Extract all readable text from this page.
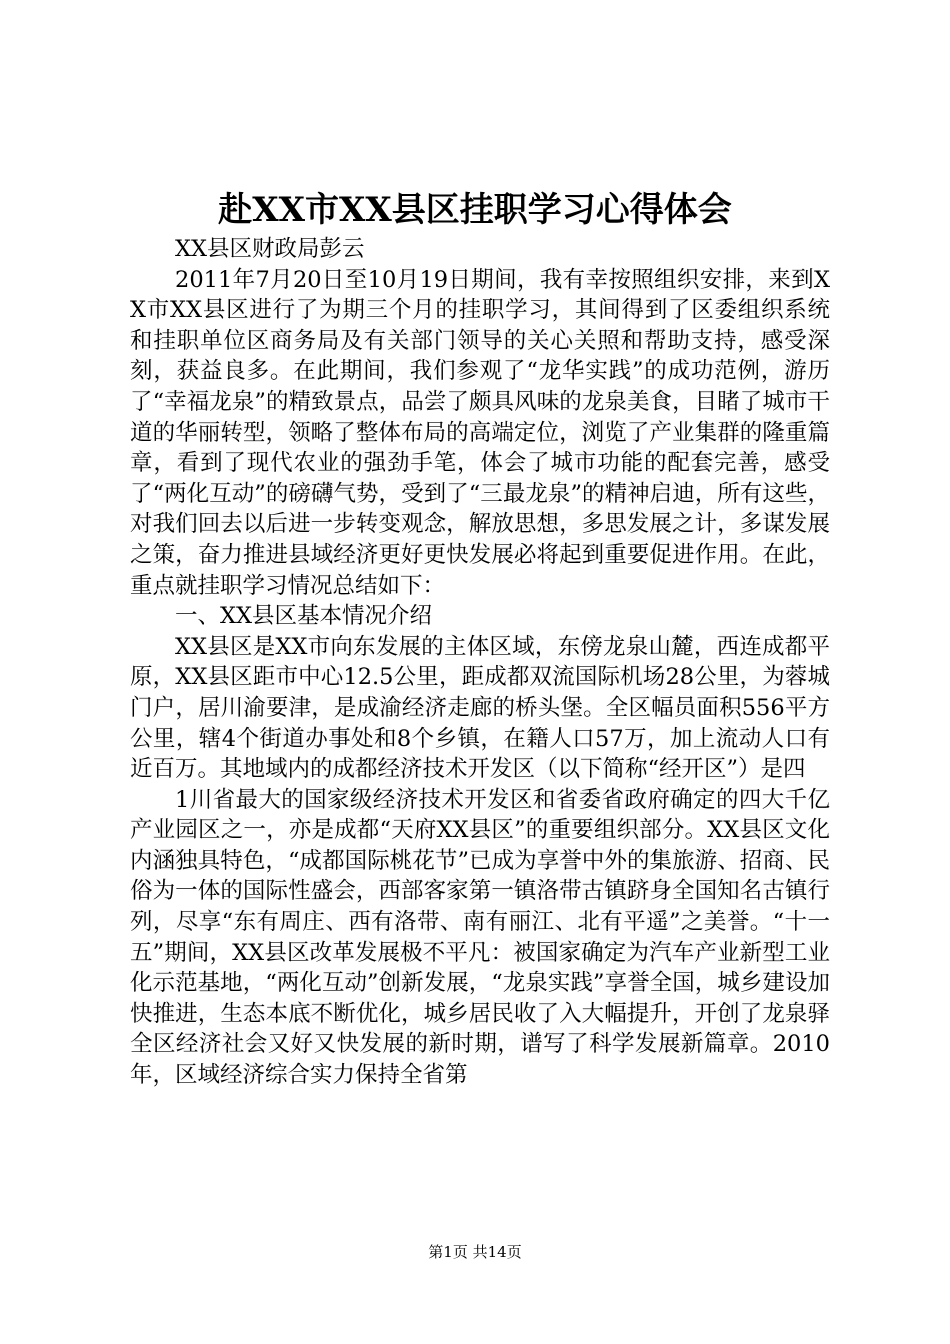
赴XX市XX县区挂职学习心得体会

XX县区财政局彭云

2011年7月20日至10月19日期间，我有幸按照组织安排，来到XX市XX县区进行了为期三个月的挂职学习，其间得到了区委组织系统和挂职单位区商务局及有关部门领导的关心关照和帮助支持，感受深刻，获益良多。在此期间，我们参观了“龙华实践”的成功范例，游历了“幸福龙泉”的精致景点，品尝了颇具风味的龙泉美食，目睹了城市干道的华丽转型，领略了整体布局的高端定位，浏览了产业集群的隆重篇章，看到了现代农业的强劲手笔，体会了城市功能的配套完善，感受了“两化互动”的磅礴气势，受到了“三最龙泉”的精神启迪，所有这些，对我们回去以后进一步转变观念，解放思想，多思发展之计，多谋发展之策，奋力推进县域经济更好更快发展必将起到重要促进作用。在此，重点就挂职学习情况总结如下：

一、XX县区基本情况介绍

XX县区是XX市向东发展的主体区域，东傍龙泉山麓，西连成都平原，XX县区距市中心12.5公里，距成都双流国际机场28公里，为蓉城门户，居川渝要津，是成渝经济走廊的桥头堡。全区幅员面积556平方公里，辖4个街道办事处和8个乡镇，在籍人口57万，加上流动人口有近百万。其地域内的成都经济技术开发区（以下简称“经开区”）是四

1川省最大的国家级经济技术开发区和省委省政府确定的四大千亿产业园区之一，亦是成都“天府XX县区”的重要组织部分。XX县区文化内涵独具特色，“成都国际桃花节”已成为享誉中外的集旅游、招商、民俗为一体的国际性盛会，西部客家第一镇洛带古镇跻身全国知名古镇行列，尽享“东有周庄、西有洛带、南有丽江、北有平遥”之美誉。“十一五”期间，XX县区改革发展极不平凡：被国家确定为汽车产业新型工业化示范基地，“两化互动”创新发展，“龙泉实践”享誉全国，城乡建设加快推进，生态本底不断优化，城乡居民收了入大幅提升，开创了龙泉驿全区经济社会又好又快发展的新时期，谱写了科学发展新篇章。2010年，区域经济综合实力保持全省第

第1页 共14页
